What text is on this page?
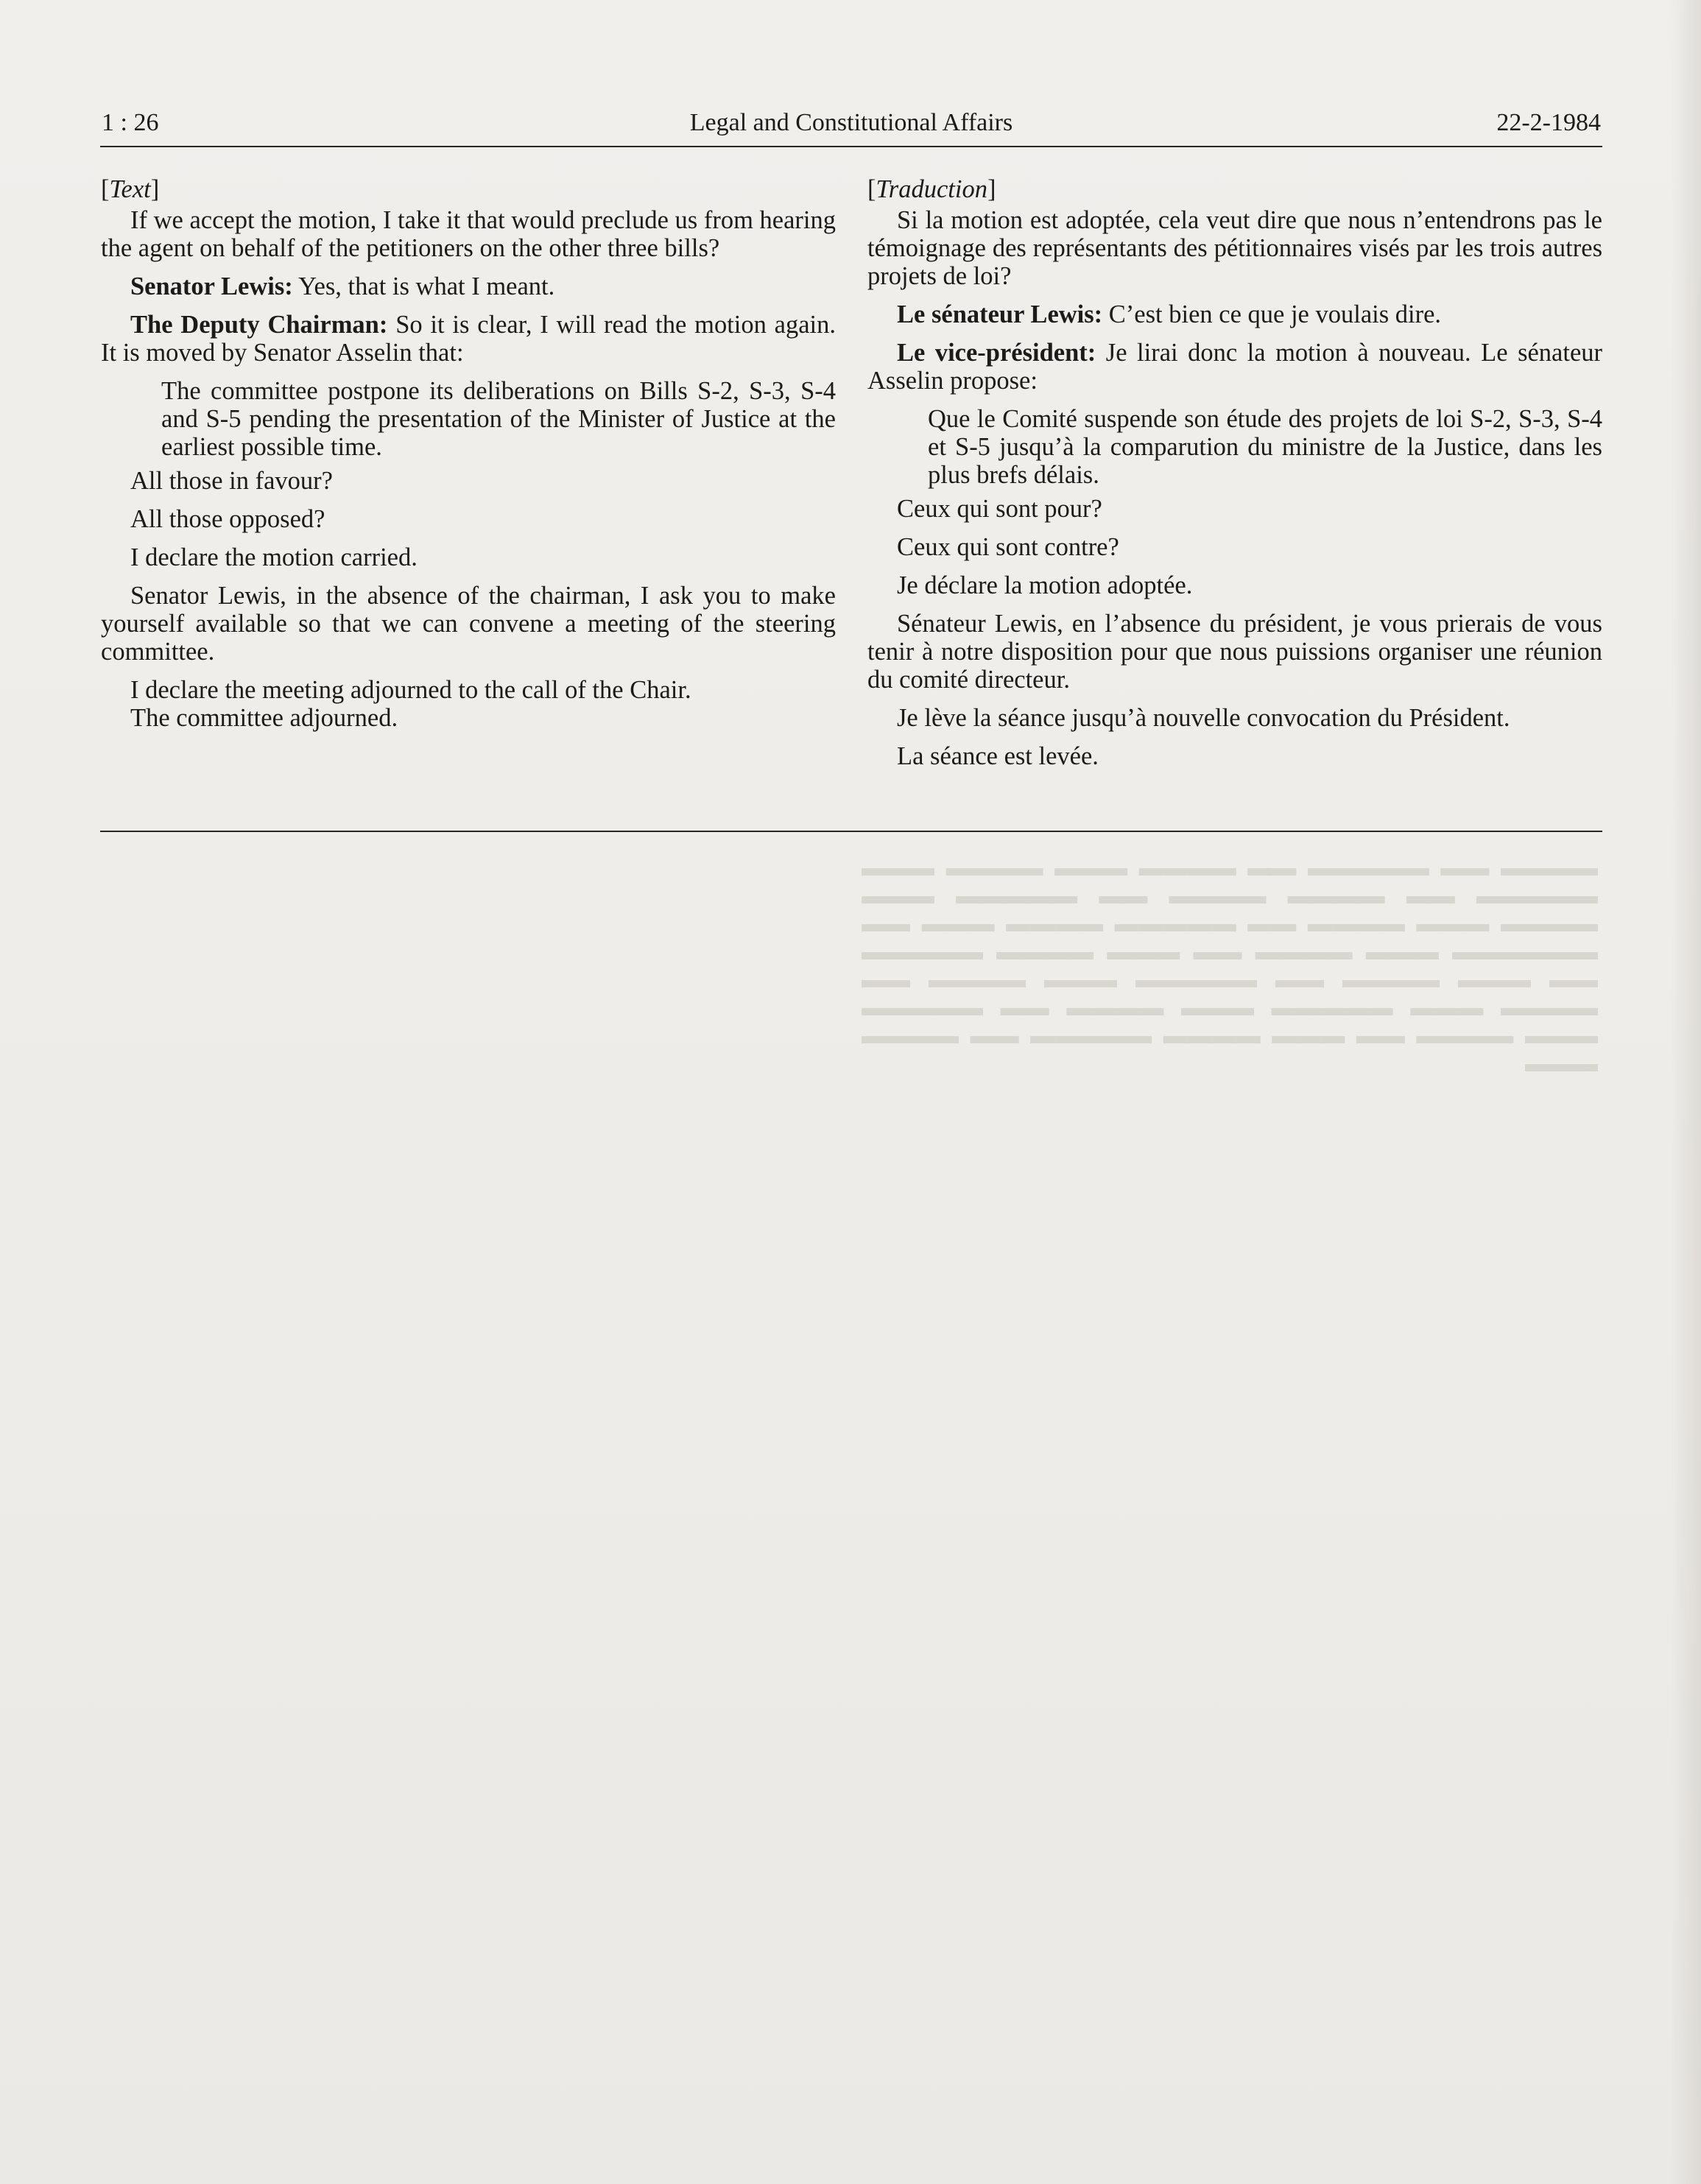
▬▬▬▬ ▬▬ ▬▬▬▬▬ ▬▬ ▬▬▬▬ ▬▬▬ ▬▬▬▬ ▬▬▬ ▬▬▬▬▬ ▬▬ ▬▬▬▬ ▬▬▬▬ ▬▬ ▬▬▬▬▬ ▬▬▬ ▬▬▬▬ ▬▬▬ ▬▬▬▬ ▬▬ ▬▬▬▬▬ ▬▬▬▬ ▬▬▬ ▬▬ ▬▬▬▬▬▬ ▬▬▬ ▬▬▬▬ ▬▬ ▬▬▬ ▬▬▬▬ ▬▬▬▬▬ ▬▬ ▬▬▬ ▬▬▬▬ ▬▬ ▬▬▬▬▬ ▬▬▬ ▬▬▬▬ ▬▬ ▬▬▬▬ ▬▬▬ ▬▬▬▬▬ ▬▬▬ ▬▬▬▬ ▬▬ ▬▬▬▬▬ ▬▬▬ ▬▬▬▬ ▬▬ ▬▬▬ ▬▬▬▬ ▬▬▬▬▬ ▬▬ ▬▬▬▬ ▬▬▬
1 : 26	Legal and Constitutional Affairs	22-2-1984

[Text]

If we accept the motion, I take it that would preclude us from hearing the agent on behalf of the petitioners on the other three bills?

Senator Lewis: Yes, that is what I meant.

The Deputy Chairman: So it is clear, I will read the motion again. It is moved by Senator Asselin that:

The committee postpone its deliberations on Bills S-2, S-3, S-4 and S-5 pending the presentation of the Minister of Justice at the earliest possible time.

All those in favour?

All those opposed?

I declare the motion carried.

Senator Lewis, in the absence of the chairman, I ask you to make yourself available so that we can convene a meeting of the steering committee.

I declare the meeting adjourned to the call of the Chair.

The committee adjourned.

[Traduction]

Si la motion est adoptée, cela veut dire que nous n’entendrons pas le témoignage des représentants des pétitionnaires visés par les trois autres projets de loi?

Le sénateur Lewis: C’est bien ce que je voulais dire.

Le vice-président: Je lirai donc la motion à nouveau. Le sénateur Asselin propose:

Que le Comité suspende son étude des projets de loi S-2, S-3, S-4 et S-5 jusqu’à la comparution du ministre de la Justice, dans les plus brefs délais.

Ceux qui sont pour?

Ceux qui sont contre?

Je déclare la motion adoptée.

Sénateur Lewis, en l’absence du président, je vous prierais de vous tenir à notre disposition pour que nous puissions organiser une réunion du comité directeur.

Je lève la séance jusqu’à nouvelle convocation du Président.

La séance est levée.
